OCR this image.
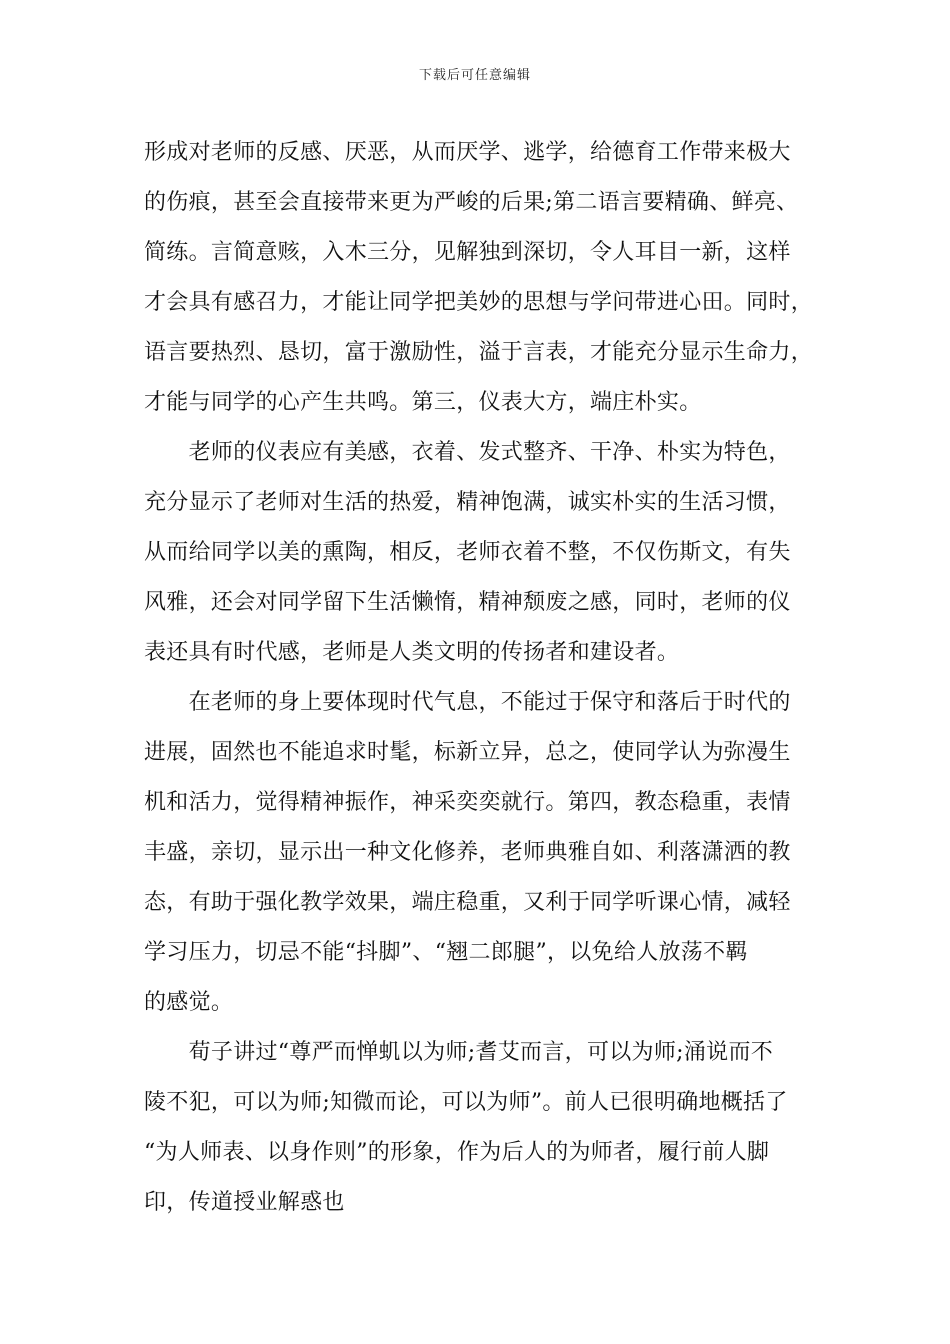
下载后可任意编辑
形成对老师的反感、厌恶，从而厌学、逃学，给德育工作带来极大
的伤痕，甚至会直接带来更为严峻的后果;第二语言要精确、鲜亮、
简练。言简意赅，入木三分，见解独到深切，令人耳目一新，这样
才会具有感召力，才能让同学把美妙的思想与学问带进心田。同时，
语言要热烈、恳切，富于激励性，溢于言表，才能充分显示生命力，
才能与同学的心产生共鸣。第三，仪表大方，端庄朴实。
　　老师的仪表应有美感，衣着、发式整齐、干净、朴实为特色，
充分显示了老师对生活的热爱，精神饱满，诚实朴实的生活习惯，
从而给同学以美的熏陶，相反，老师衣着不整，不仅伤斯文，有失
风雅，还会对同学留下生活懒惰，精神颓废之感，同时，老师的仪
表还具有时代感，老师是人类文明的传扬者和建设者。
　　在老师的身上要体现时代气息，不能过于保守和落后于时代的
进展，固然也不能追求时髦，标新立异，总之，使同学认为弥漫生
机和活力，觉得精神振作，神采奕奕就行。第四，教态稳重，表情
丰盛，亲切，显示出一种文化修养，老师典雅自如、利落潇洒的教
态，有助于强化教学效果，端庄稳重，又利于同学听课心情，减轻
学习压力，切忌不能“抖脚”、“翘二郎腿”，以免给人放荡不羁
的感觉。
　　荀子讲过“尊严而惮虮以为师;耆艾而言，可以为师;涌说而不
陵不犯，可以为师;知微而论，可以为师”。前人已很明确地概括了
“为人师表、以身作则”的形象，作为后人的为师者，履行前人脚
印，传道授业解惑也
